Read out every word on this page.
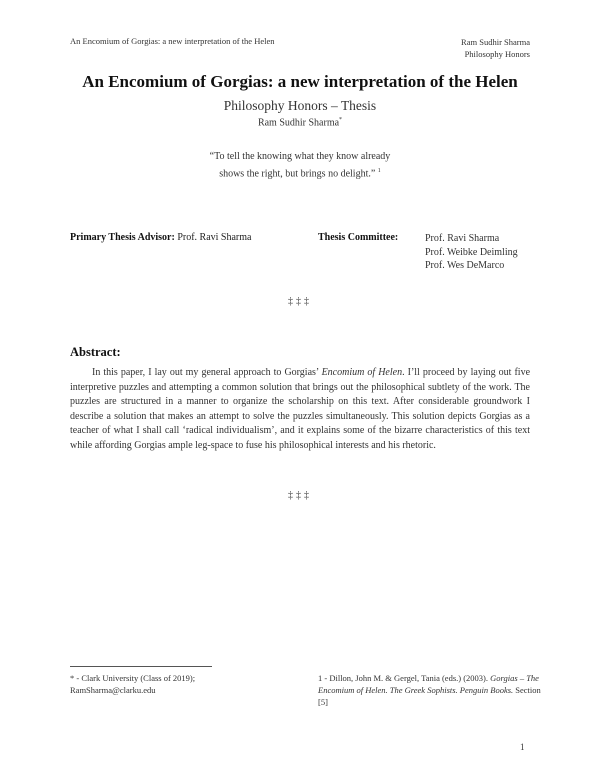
An Encomium of Gorgias: a new interpretation of the Helen	Ram Sudhir Sharma
Philosophy Honors
An Encomium of Gorgias: a new interpretation of the Helen
Philosophy Honors – Thesis
Ram Sudhir Sharma*
“To tell the knowing what they know already
shows the right, but brings no delight.” $^1$
Primary Thesis Advisor: Prof. Ravi Sharma	Thesis Committee:	Prof. Ravi Sharma
Prof. Weibke Deimling
Prof. Wes DeMarco
‡‡‡
Abstract:

In this paper, I lay out my general approach to Gorgias’ Encomium of Helen. I’ll proceed by laying out five interpretive puzzles and attempting a common solution that brings out the philosophical subtlety of the work. The puzzles are structured in a manner to organize the scholarship on this text. After considerable groundwork I describe a solution that makes an attempt to solve the puzzles simultaneously. This solution depicts Gorgias as a teacher of what I shall call ‘radical individualism’, and it explains some of the bizarre characteristics of this text while affording Gorgias ample leg-space to fuse his philosophical interests and his rhetoric.

‡‡‡
* - Clark University (Class of 2019);
RamSharma@clarku.edu
1 - Dillon, John M. & Gergel, Tania (eds.) (2003). Gorgias – The Encomium of Helen. The Greek Sophists. Penguin Books. Section [5]
1
